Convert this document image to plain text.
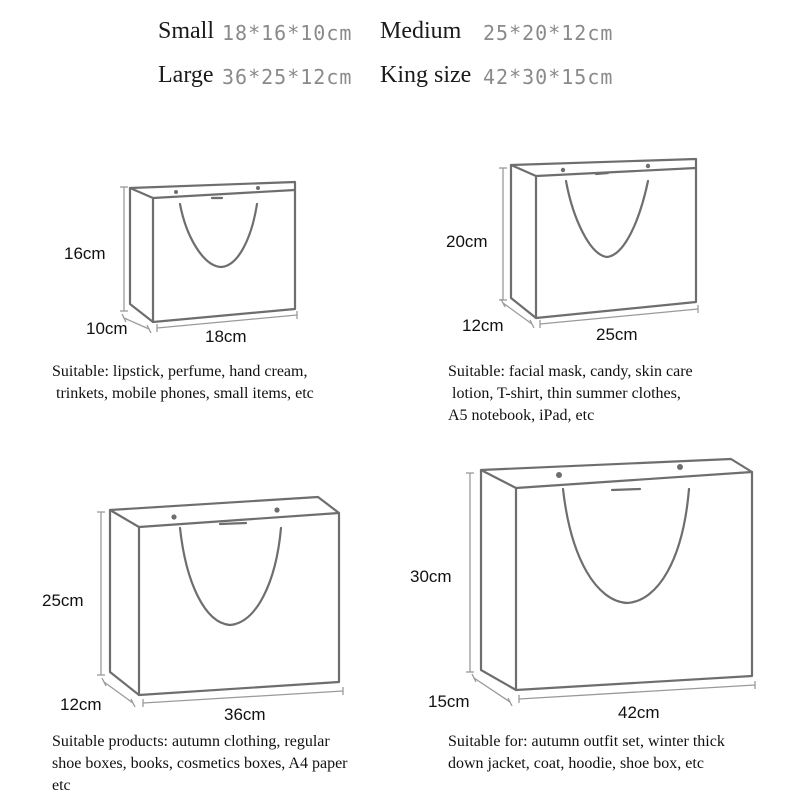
Small 18*16*10cm Medium 25*20*12cm
Large 36*25*12cm King size 42*30*15cm
16cm
10cm	18cm
Suitable: lipstick, perfume, hand cream,
trinkets, mobile phones, small items, etc
20cm
12cm	25cm
Suitable: facial mask, candy, skin care
lotion, T-shirt, thin summer clothes,
A5 notebook, iPad, etc
25cm
12cm
36cm
Suitable products: autumn clothing, regular
shoe boxes, books, cosmetics boxes, A4 paper
etc
30cm
15cm
42cm
Suitable for: autumn outfit set, winter thick
down jacket, coat, hoodie, shoe box, etc
